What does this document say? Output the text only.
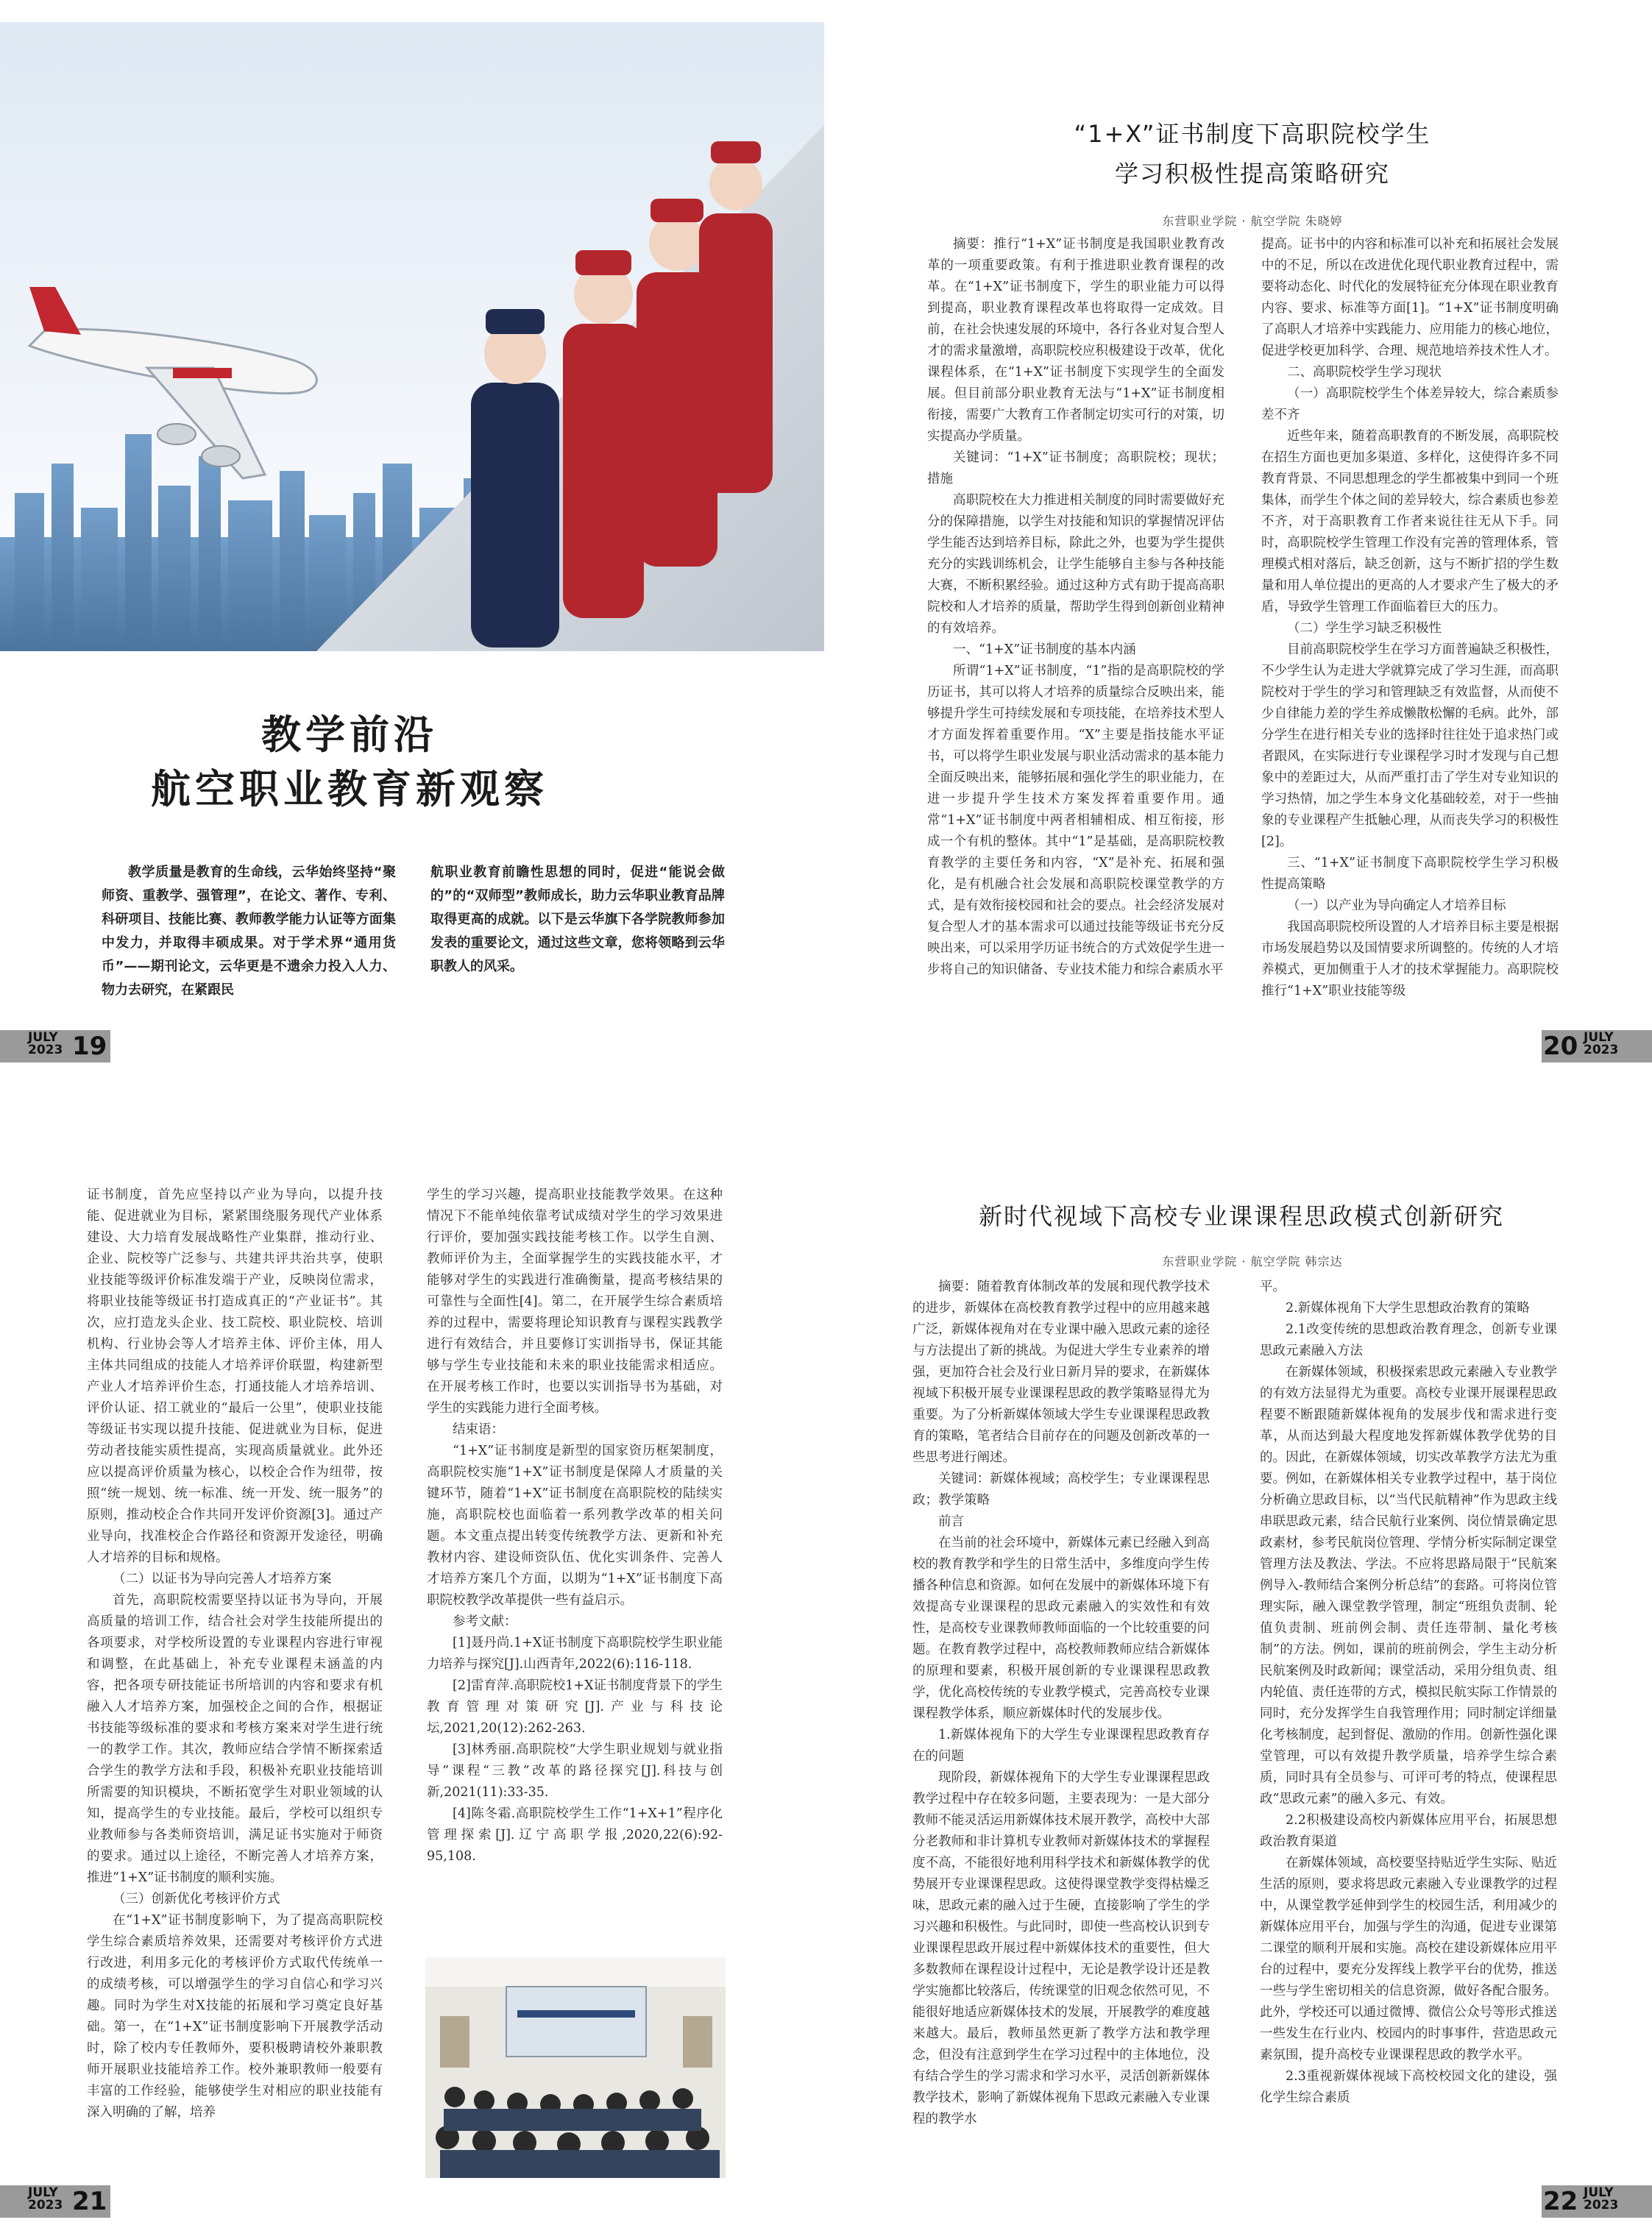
教学前沿
航空职业教育新观察

教学质量是教育的生命线，云华始终坚持“聚师资、重教学、强管理”，在论文、著作、专利、科研项目、技能比赛、教师教学能力认证等方面集中发力，并取得丰硕成果。对于学术界“通用货币”——期刊论文，云华更是不遗余力投入人力、物力去研究，在紧跟民

航职业教育前瞻性思想的同时，促进“能说会做的”的“双师型”教师成长，助力云华职业教育品牌取得更高的成就。以下是云华旗下各学院教师参加发表的重要论文，通过这些文章，您将领略到云华职教人的风采。

JULY
2023 19
“1+X”证书制度下高职院校学生
学习积极性提高策略研究
东营职业学院 · 航空学院 朱晓婷

摘要：推行“1+X”证书制度是我国职业教育改革的一项重要政策。有利于推进职业教育课程的改革。在“1+X”证书制度下，学生的职业能力可以得到提高，职业教育课程改革也将取得一定成效。目前，在社会快速发展的环境中，各行各业对复合型人才的需求量激增，高职院校应积极建设于改革，优化课程体系，在“1+X”证书制度下实现学生的全面发展。但目前部分职业教育无法与“1+X”证书制度相衔接，需要广大教育工作者制定切实可行的对策，切实提高办学质量。

关键词：“1+X”证书制度；高职院校；现状；措施

高职院校在大力推进相关制度的同时需要做好充分的保障措施，以学生对技能和知识的掌握情况评估学生能否达到培养目标，除此之外，也要为学生提供充分的实践训练机会，让学生能够自主参与各种技能大赛，不断积累经验。通过这种方式有助于提高高职院校和人才培养的质量，帮助学生得到创新创业精神的有效培养。

一、“1+X”证书制度的基本内涵

所谓“1+X”证书制度，“1”指的是高职院校的学历证书，其可以将人才培养的质量综合反映出来，能够提升学生可持续发展和专项技能，在培养技术型人才方面发挥着重要作用。“X”主要是指技能水平证书，可以将学生职业发展与职业活动需求的基本能力全面反映出来，能够拓展和强化学生的职业能力，在进一步提升学生技术方案发挥着重要作用。通常“1+X”证书制度中两者相辅相成、相互衔接，形成一个有机的整体。其中“1”是基础，是高职院校教育教学的主要任务和内容，“X”是补充、拓展和强化，是有机融合社会发展和高职院校课堂教学的方式，是有效衔接校园和社会的要点。社会经济发展对复合型人才的基本需求可以通过技能等级证书充分反映出来，可以采用学历证书统合的方式效促学生进一步将自己的知识储备、专业技术能力和综合素质水平

提高。证书中的内容和标准可以补充和拓展社会发展中的不足，所以在改进优化现代职业教育过程中，需要将动态化、时代化的发展特征充分体现在职业教育内容、要求、标准等方面[1]。“1+X”证书制度明确了高职人才培养中实践能力、应用能力的核心地位，促进学校更加科学、合理、规范地培养技术性人才。

二、高职院校学生学习现状

（一）高职院校学生个体差异较大，综合素质参差不齐

近些年来，随着高职教育的不断发展，高职院校在招生方面也更加多渠道、多样化，这使得许多不同教育背景、不同思想理念的学生都被集中到同一个班集体，而学生个体之间的差异较大，综合素质也参差不齐，对于高职教育工作者来说往往无从下手。同时，高职院校学生管理工作没有完善的管理体系，管理模式相对落后，缺乏创新，这与不断扩招的学生数量和用人单位提出的更高的人才要求产生了极大的矛盾，导致学生管理工作面临着巨大的压力。

（二）学生学习缺乏积极性

目前高职院校学生在学习方面普遍缺乏积极性，不少学生认为走进大学就算完成了学习生涯，而高职院校对于学生的学习和管理缺乏有效监督，从而使不少自律能力差的学生养成懒散松懈的毛病。此外，部分学生在进行相关专业的选择时往往处于追求热门或者跟风，在实际进行专业课程学习时才发现与自己想象中的差距过大，从而严重打击了学生对专业知识的学习热情，加之学生本身文化基础较差，对于一些抽象的专业课程产生抵触心理，从而丧失学习的积极性[2]。

三、“1+X”证书制度下高职院校学生学习积极性提高策略

（一）以产业为导向确定人才培养目标

我国高职院校所设置的人才培养目标主要是根据市场发展趋势以及国情要求所调整的。传统的人才培养模式，更加侧重于人才的技术掌握能力。高职院校推行“1+X”职业技能等级

20 JULY
2023

证书制度，首先应坚持以产业为导向，以提升技能、促进就业为目标，紧紧围绕服务现代产业体系建设、大力培育发展战略性产业集群，推动行业、企业、院校等广泛参与、共建共评共治共享，使职业技能等级评价标准发端于产业，反映岗位需求，将职业技能等级证书打造成真正的“产业证书”。其次，应打造龙头企业、技工院校、职业院校、培训机构、行业协会等人才培养主体、评价主体，用人主体共同组成的技能人才培养评价联盟，构建新型产业人才培养评价生态，打通技能人才培养培训、评价认证、招工就业的“最后一公里”，使职业技能等级证书实现以提升技能、促进就业为目标，促进劳动者技能实质性提高，实现高质量就业。此外还应以提高评价质量为核心，以校企合作为纽带，按照“统一规划、统一标准、统一开发、统一服务”的原则，推动校企合作共同开发评价资源[3]。通过产业导向，找准校企合作路径和资源开发途径，明确人才培养的目标和规格。

（二）以证书为导向完善人才培养方案

首先，高职院校需要坚持以证书为导向，开展高质量的培训工作，结合社会对学生技能所提出的各项要求，对学校所设置的专业课程内容进行审视和调整，在此基础上，补充专业课程未涵盖的内容，把各项专研技能证书所培训的内容和要求有机融入人才培养方案，加强校企之间的合作，根据证书技能等级标准的要求和考核方案来对学生进行统一的教学工作。其次，教师应结合学情不断探索适合学生的教学方法和手段，积极补充职业技能培训所需要的知识模块，不断拓宽学生对职业领域的认知，提高学生的专业技能。最后，学校可以组织专业教师参与各类师资培训，满足证书实施对于师资的要求。通过以上途径，不断完善人才培养方案，推进“1+X”证书制度的顺利实施。

（三）创新优化考核评价方式

在“1+X”证书制度影响下，为了提高高职院校学生综合素质培养效果，还需要对考核评价方式进行改进，利用多元化的考核评价方式取代传统单一的成绩考核，可以增强学生的学习自信心和学习兴趣。同时为学生对X技能的拓展和学习奠定良好基础。第一，在“1+X”证书制度影响下开展教学活动时，除了校内专任教师外，要积极聘请校外兼职教师开展职业技能培养工作。校外兼职教师一般要有丰富的工作经验，能够使学生对相应的职业技能有深入明确的了解，培养

学生的学习兴趣，提高职业技能教学效果。在这种情况下不能单纯依靠考试成绩对学生的学习效果进行评价，要加强实践技能考核工作。以学生自测、教师评价为主，全面掌握学生的实践技能水平，才能够对学生的实践进行准确衡量，提高考核结果的可靠性与全面性[4]。第二，在开展学生综合素质培养的过程中，需要将理论知识教育与课程实践教学进行有效结合，并且要修订实训指导书，保证其能够与学生专业技能和未来的职业技能需求相适应。在开展考核工作时，也要以实训指导书为基础，对学生的实践能力进行全面考核。

结束语：

“1+X”证书制度是新型的国家资历框架制度，高职院校实施“1+X”证书制度是保障人才质量的关键环节，随着“1+X”证书制度在高职院校的陆续实施，高职院校也面临着一系列教学改革的相关问题。本文重点提出转变传统教学方法、更新和补充教材内容、建设师资队伍、优化实训条件、完善人才培养方案几个方面，以期为“1+X”证书制度下高职院校教学改革提供一些有益启示。

参考文献：

[1]聂丹尚.1+X证书制度下高职院校学生职业能力培养与探究[J].山西青年,2022(6):116-118.

[2]雷育萍.高职院校1+X证书制度背景下的学生教育管理对策研究[J].产业与科技论坛,2021,20(12):262-263.

[3]林秀丽.高职院校“大学生职业规划与就业指导”课程“三教”改革的路径探究[J].科技与创新,2021(11):33-35.

[4]陈冬霜.高职院校学生工作“1+X+1”程序化管理探索[J].辽宁高职学报,2020,22(6):92-95,108.

JULY
2023 21
新时代视域下高校专业课课程思政模式创新研究
东营职业学院 · 航空学院 韩宗达

摘要：随着教育体制改革的发展和现代教学技术的进步，新媒体在高校教育教学过程中的应用越来越广泛，新媒体视角对在专业课中融入思政元素的途径与方法提出了新的挑战。为促进大学生专业素养的增强，更加符合社会及行业日新月异的要求，在新媒体视域下积极开展专业课课程思政的教学策略显得尤为重要。为了分析新媒体领域大学生专业课课程思政教育的策略，笔者结合目前存在的问题及创新改革的一些思考进行阐述。

关键词：新媒体视域；高校学生；专业课课程思政；教学策略

前言

在当前的社会环境中，新媒体元素已经融入到高校的教育教学和学生的日常生活中，多维度向学生传播各种信息和资源。如何在发展中的新媒体环境下有效提高专业课课程的思政元素融入的实效性和有效性，是高校专业课教师教师面临的一个比较重要的问题。在教育教学过程中，高校教师教师应结合新媒体的原理和要素，积极开展创新的专业课课程思政教学，优化高校传统的专业教学模式，完善高校专业课课程教学体系，顺应新媒体时代的发展步伐。

1.新媒体视角下的大学生专业课课程思政教育存在的问题

现阶段，新媒体视角下的大学生专业课课程思政教学过程中存在较多问题，主要表现为：一是大部分教师不能灵活运用新媒体技术展开教学，高校中大部分老教师和非计算机专业教师对新媒体技术的掌握程度不高，不能很好地利用科学技术和新媒体教学的优势展开专业课课程思政。这使得课堂教学变得枯燥乏味，思政元素的融入过于生硬，直接影响了学生的学习兴趣和积极性。与此同时，即使一些高校认识到专业课课程思政开展过程中新媒体技术的重要性，但大多数教师在课程设计过程中，无论是教学设计还是教学实施都比较落后，传统课堂的旧观念依然可见，不能很好地适应新媒体技术的发展，开展教学的难度越来越大。最后，教师虽然更新了教学方法和教学理念，但没有注意到学生在学习过程中的主体地位，没有结合学生的学习需求和学习水平，灵活创新新媒体教学技术，影响了新媒体视角下思政元素融入专业课程的教学水

平。

2.新媒体视角下大学生思想政治教育的策略

2.1改变传统的思想政治教育理念，创新专业课思政元素融入方法

在新媒体领域，积极探索思政元素融入专业教学的有效方法显得尤为重要。高校专业课开展课程思政程要不断跟随新媒体视角的发展步伐和需求进行变革，从而达到最大程度地发挥新媒体教学优势的目的。因此，在新媒体领域，切实改革教学方法尤为重要。例如，在新媒体相关专业教学过程中，基于岗位分析确立思政目标，以“当代民航精神”作为思政主线串联思政元素，结合民航行业案例、岗位情景确定思政素材，参考民航岗位管理、学情分析实际制定课堂管理方法及教法、学法。不应将思路局限于“民航案例导入-教师结合案例分析总结”的套路。可将岗位管理实际，融入课堂教学管理，制定“班组负责制、轮值负责制、班前例会制、责任连带制、量化考核制”的方法。例如，课前的班前例会，学生主动分析民航案例及时政新闻；课堂活动，采用分组负责、组内轮值、责任连带的方式，模拟民航实际工作情景的同时，充分发挥学生自我管理作用；同时制定详细量化考核制度，起到督促、激励的作用。创新性强化课堂管理，可以有效提升教学质量，培养学生综合素质，同时具有全员参与、可评可考的特点，使课程思政“思政元素”的融入多元、有效。

2.2积极建设高校内新媒体应用平台，拓展思想政治教育渠道

在新媒体领域，高校要坚持贴近学生实际、贴近生活的原则，要求将思政元素融入专业课教学的过程中，从课堂教学延伸到学生的校园生活，利用减少的新媒体应用平台，加强与学生的沟通，促进专业课第二课堂的顺利开展和实施。高校在建设新媒体应用平台的过程中，要充分发挥线上教学平台的优势，推送一些与学生密切相关的信息资源，做好各配合服务。此外，学校还可以通过微博、微信公众号等形式推送一些发生在行业内、校园内的时事事件，营造思政元素氛围，提升高校专业课课程思政的教学水平。

2.3重视新媒体视域下高校校园文化的建设，强化学生综合素质

22 JULY
2023
